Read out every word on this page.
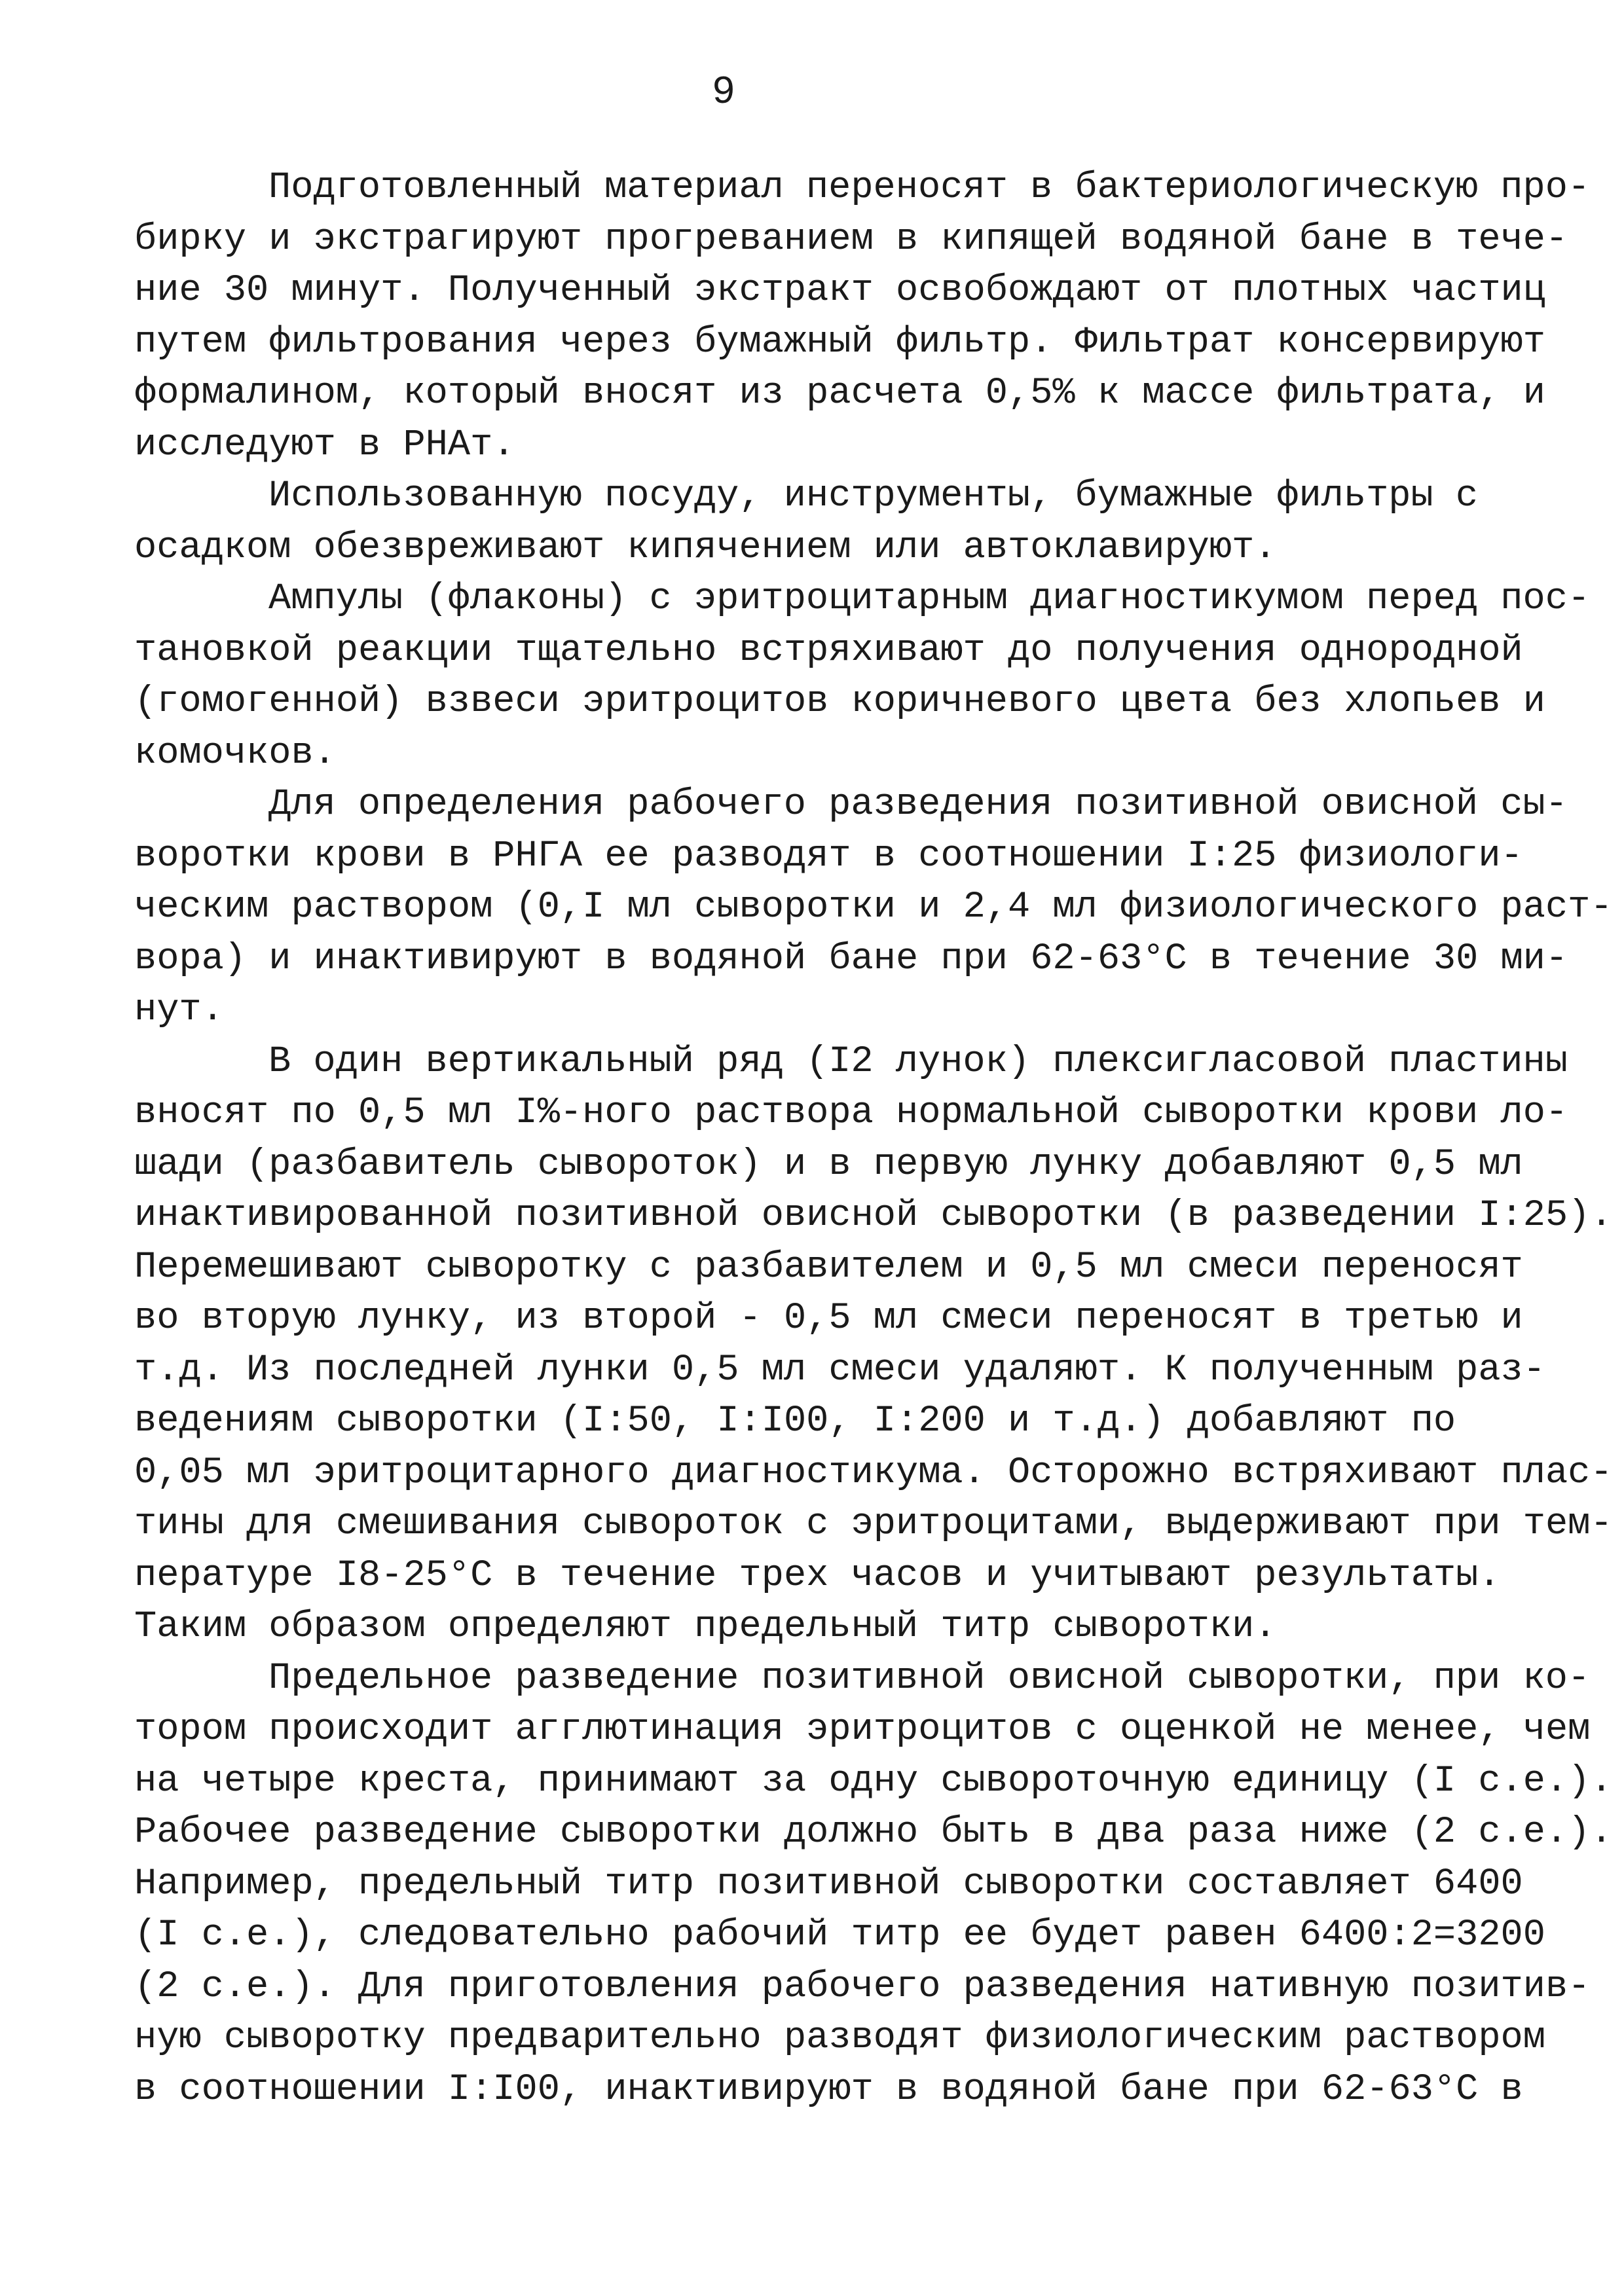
9
Подготовленный материал переносят в бактериологическую про-
бирку и экстрагируют прогреванием в кипящей водяной бане в тече-
ние 30 минут. Полученный экстракт освобождают от плотных частиц
путем фильтрования через бумажный фильтр. Фильтрат консервируют
формалином, который вносят из расчета 0,5% к массе фильтрата, и
исследуют в РНАт.
Использованную посуду, инструменты, бумажные фильтры с
осадком обезвреживают кипячением или автоклавируют.
Ампулы (флаконы) с эритроцитарным диагностикумом перед пос-
тановкой реакции тщательно встряхивают до получения однородной
(гомогенной) взвеси эритроцитов коричневого цвета без хлопьев и
комочков.
Для определения рабочего разведения позитивной овисной сы-
воротки крови в РНГА ее разводят в соотношении I:25 физиологи-
ческим раствором (0,I мл сыворотки и 2,4 мл физиологического раст-
вора) и инактивируют в водяной бане при 62-63°C в течение 30 ми-
нут.
В один вертикальный ряд (I2 лунок) плексигласовой пластины
вносят по 0,5 мл I%-ного раствора нормальной сыворотки крови ло-
шади (разбавитель сывороток) и в первую лунку добавляют 0,5 мл
инактивированной позитивной овисной сыворотки (в разведении I:25).
Перемешивают сыворотку с разбавителем и 0,5 мл смеси переносят
во вторую лунку, из второй - 0,5 мл смеси переносят в третью и
т.д. Из последней лунки 0,5 мл смеси удаляют. К полученным раз-
ведениям сыворотки (I:50, I:I00, I:200 и т.д.) добавляют по
0,05 мл эритроцитарного диагностикума. Осторожно встряхивают плас-
тины для смешивания сывороток с эритроцитами, выдерживают при тем-
пературе I8-25°C в течение трех часов и учитывают результаты.
Таким образом определяют предельный титр сыворотки.
Предельное разведение позитивной овисной сыворотки, при ко-
тором происходит агглютинация эритроцитов с оценкой не менее, чем
на четыре креста, принимают за одну сывороточную единицу (I с.е.).
Рабочее разведение сыворотки должно быть в два раза ниже (2 с.е.).
Например, предельный титр позитивной сыворотки составляет 6400
(I с.е.), следовательно рабочий титр ее будет равен 6400:2=3200
(2 с.е.). Для приготовления рабочего разведения нативную позитив-
ную сыворотку предварительно разводят физиологическим раствором
в соотношении I:I00, инактивируют в водяной бане при 62-63°C в
